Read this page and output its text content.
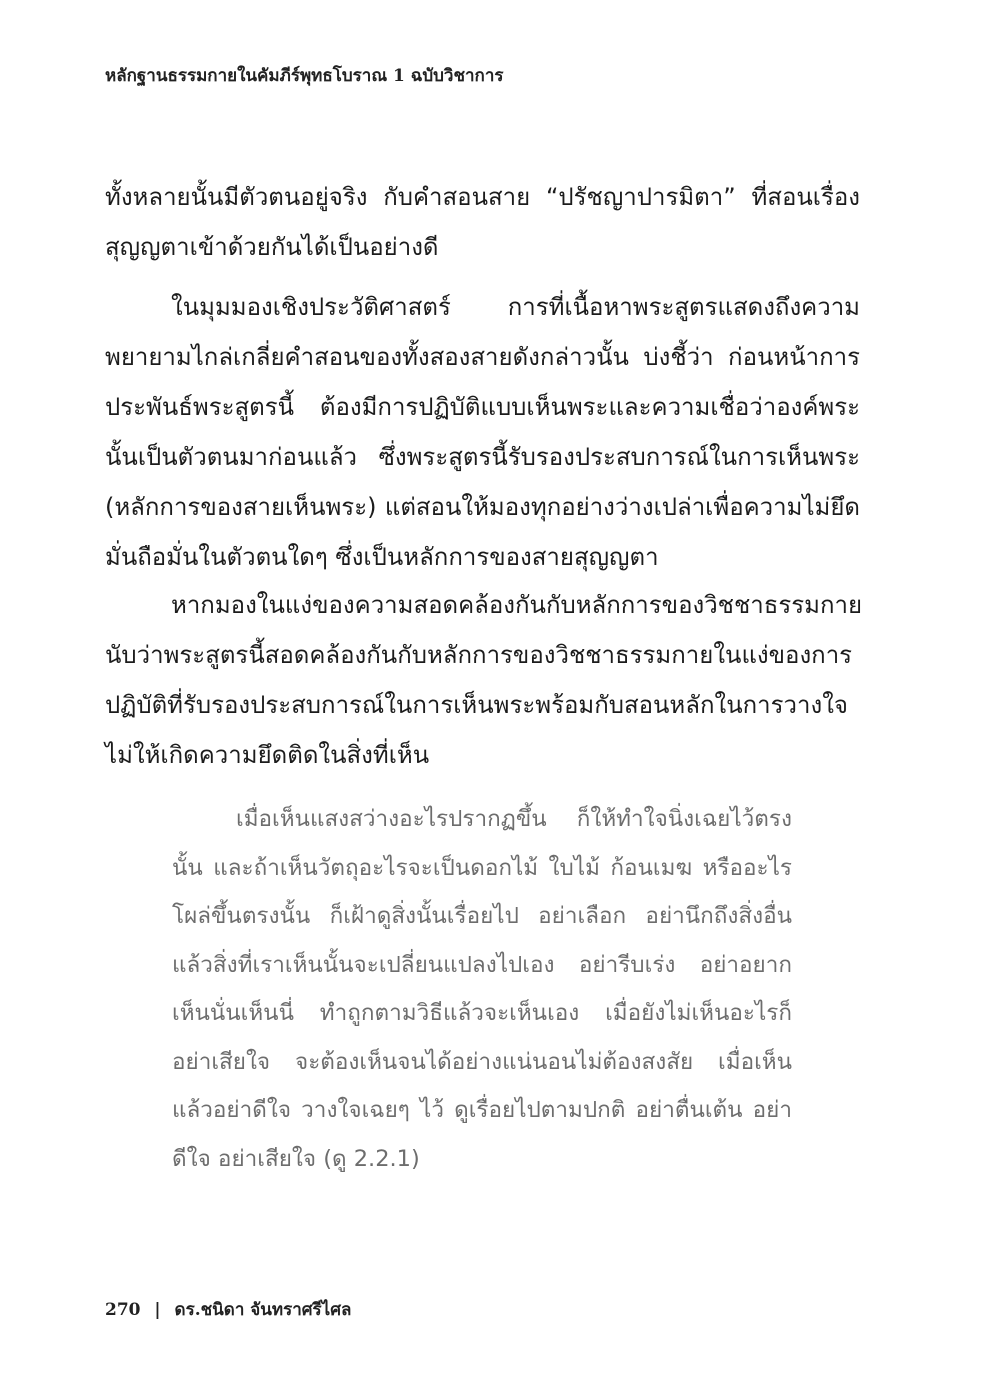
หลักฐานธรรมกายในคัมภีร์พุทธโบราณ 1 ฉบับวิชาการ
ทั้งหลายนั้นมีตัวตนอยู่จริง กับคำสอนสาย “ปรัชญาปารมิตา” ที่สอนเรื่อง
สุญญตาเข้าด้วยกันได้เป็นอย่างดี
ในมุมมองเชิงประวัติศาสตร์ การที่เนื้อหาพระสูตรแสดงถึงความ
พยายามไกล่เกลี่ยคำสอนของทั้งสองสายดังกล่าวนั้น บ่งชี้ว่า ก่อนหน้าการ
ประพันธ์พระสูตรนี้ ต้องมีการปฏิบัติแบบเห็นพระและความเชื่อว่าองค์พระ
นั้นเป็นตัวตนมาก่อนแล้ว ซึ่งพระสูตรนี้รับรองประสบการณ์ในการเห็นพระ
(หลักการของสายเห็นพระ) แต่สอนให้มองทุกอย่างว่างเปล่าเพื่อความไม่ยึด
มั่นถือมั่นในตัวตนใดๆ ซึ่งเป็นหลักการของสายสุญญตา
หากมองในแง่ของความสอดคล้องกันกับหลักการของวิชชาธรรมกาย
นับว่าพระสูตรนี้สอดคล้องกันกับหลักการของวิชชาธรรมกายในแง่ของการ
ปฏิบัติที่รับรองประสบการณ์ในการเห็นพระพร้อมกับสอนหลักในการวางใจ
ไม่ให้เกิดความยึดติดในสิ่งที่เห็น
เมื่อเห็นแสงสว่างอะไรปรากฏขึ้น ก็ให้ทำใจนิ่งเฉยไว้ตรง
นั้น และถ้าเห็นวัตถุอะไรจะเป็นดอกไม้ ใบไม้ ก้อนเมฆ หรืออะไร
โผล่ขึ้นตรงนั้น ก็เฝ้าดูสิ่งนั้นเรื่อยไป อย่าเลือก อย่านึกถึงสิ่งอื่น
แล้วสิ่งที่เราเห็นนั้นจะเปลี่ยนแปลงไปเอง อย่ารีบเร่ง อย่าอยาก
เห็นนั่นเห็นนี่ ทำถูกตามวิธีแล้วจะเห็นเอง เมื่อยังไม่เห็นอะไรก็
อย่าเสียใจ จะต้องเห็นจนได้อย่างแน่นอนไม่ต้องสงสัย เมื่อเห็น
แล้วอย่าดีใจ วางใจเฉยๆ ไว้ ดูเรื่อยไปตามปกติ อย่าตื่นเต้น อย่า
ดีใจ อย่าเสียใจ (ดู 2.2.1)
270 | ดร.ชนิดา จันทราศรีไศล
